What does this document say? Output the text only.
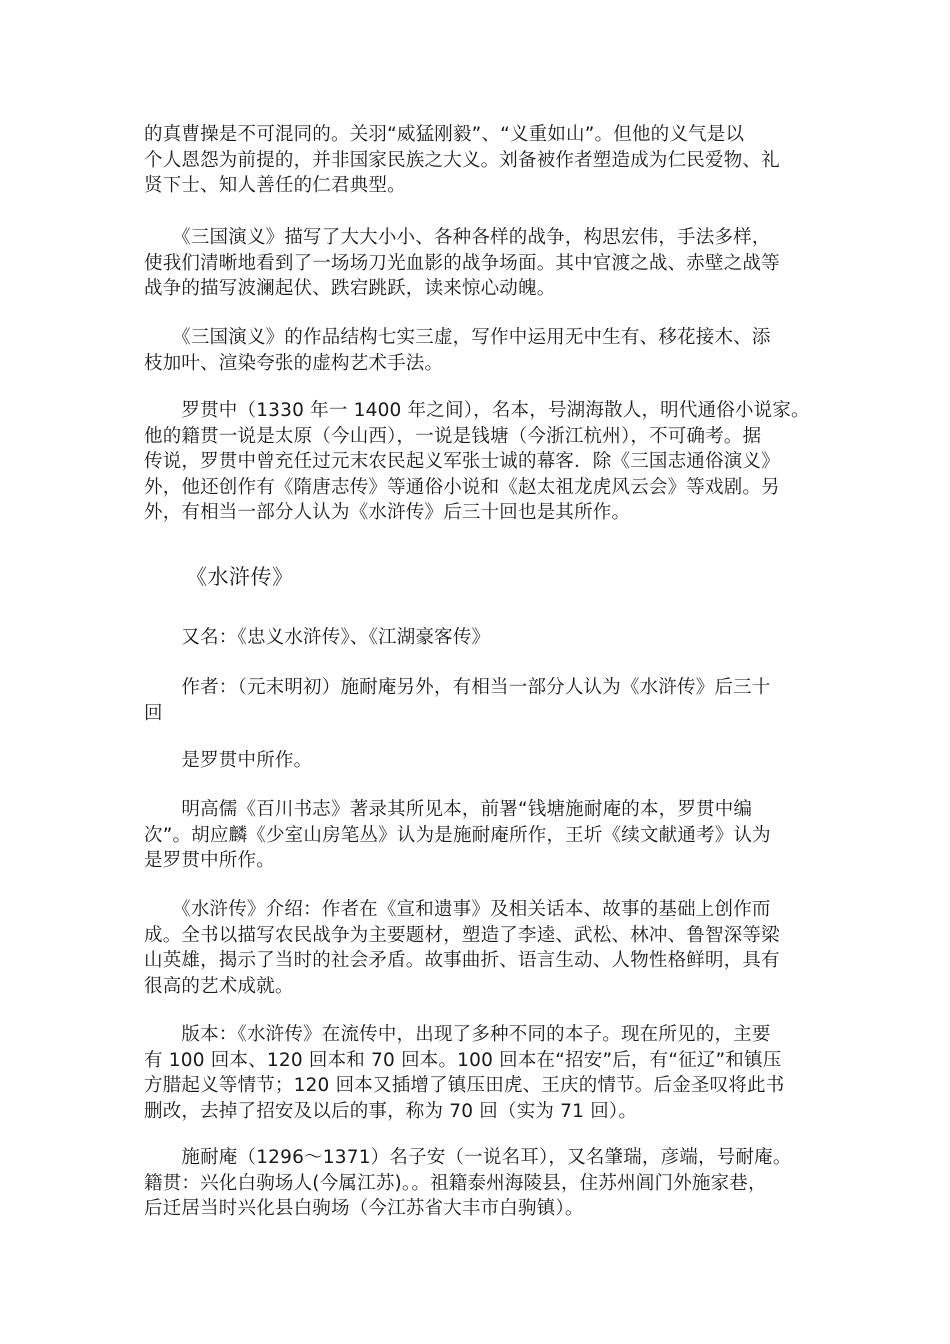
的真曹操是不可混同的。关羽“威猛刚毅”、“义重如山”。但他的义气是以
个人恩怨为前提的，并非国家民族之大义。刘备被作者塑造成为仁民爱物、礼
贤下士、知人善任的仁君典型。
　　《三国演义》描写了大大小小、各种各样的战争，构思宏伟，手法多样，
使我们清晰地看到了一场场刀光血影的战争场面。其中官渡之战、赤壁之战等
战争的描写波澜起伏、跌宕跳跃，读来惊心动魄。
　　《三国演义》的作品结构七实三虚，写作中运用无中生有、移花接木、添
枝加叶、渲染夸张的虚构艺术手法。
　　罗贯中（1330 年一 1400 年之间），名本，号湖海散人，明代通俗小说家。
他的籍贯一说是太原（今山西），一说是钱塘（今浙江杭州），不可确考。据
传说，罗贯中曾充任过元末农民起义军张士诚的幕客．除《三国志通俗演义》
外，他还创作有《隋唐志传》等通俗小说和《赵太祖龙虎风云会》等戏剧。另
外，有相当一部分人认为《水浒传》后三十回也是其所作。
《水浒传》
　　又名：《忠义水浒传》、《江湖豪客传》
　　作者：（元末明初）施耐庵另外，有相当一部分人认为《水浒传》后三十
回
　　是罗贯中所作。
　　明高儒《百川书志》著录其所见本，前署“钱塘施耐庵的本，罗贯中编
次”。胡应麟《少室山房笔丛》认为是施耐庵所作，王圻《续文献通考》认为
是罗贯中所作。
　　《水浒传》介绍：作者在《宣和遗事》及相关话本、故事的基础上创作而
成。全书以描写农民战争为主要题材，塑造了李逵、武松、林冲、鲁智深等梁
山英雄，揭示了当时的社会矛盾。故事曲折、语言生动、人物性格鲜明，具有
很高的艺术成就。
　　版本：《水浒传》在流传中，出现了多种不同的本子。现在所见的，主要
有 100 回本、120 回本和 70 回本。100 回本在“招安”后，有“征辽”和镇压
方腊起义等情节；120 回本又插增了镇压田虎、王庆的情节。后金圣叹将此书
删改，去掉了招安及以后的事，称为 70 回（实为 71 回）。
　　施耐庵（1296～1371）名子安（一说名耳），又名肇瑞，彦端，号耐庵。
籍贯：兴化白驹场人(今属江苏)。。祖籍泰州海陵县，住苏州阊门外施家巷，
后迁居当时兴化县白驹场（今江苏省大丰市白驹镇）。
